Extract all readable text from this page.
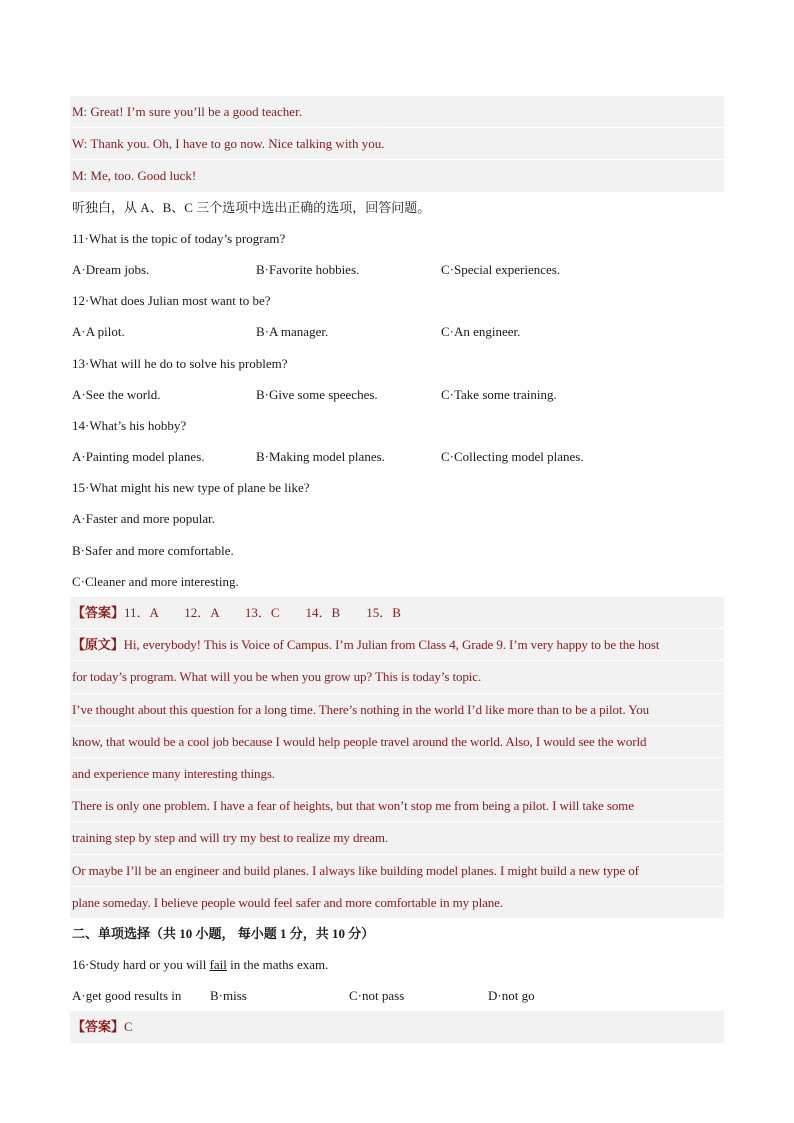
M: Great! I’m sure you’ll be a good teacher.
W: Thank you. Oh, I have to go now. Nice talking with you.
M: Me, too. Good luck!
听独白，从 A、B、C 三个选项中选出正确的选项，回答问题。
11·What is the topic of today’s program?
A·Dream jobs.	B·Favorite hobbies.	C·Special experiences.
12·What does Julian most want to be?
A·A pilot.	B·A manager.	C·An engineer.
13·What will he do to solve his problem?
A·See the world.	B·Give some speeches.	C·Take some training.
14·What’s his hobby?
A·Painting model planes.	B·Making model planes.	C·Collecting model planes.
15·What might his new type of plane be like?
A·Faster and more popular.
B·Safer and more comfortable.
C·Cleaner and more interesting.
【答案】11．A　　12．A　　13．C　　14．B　　15．B
【原文】Hi, everybody! This is Voice of Campus. I’m Julian from Class 4, Grade 9. I’m very happy to be the host
for today’s program. What will you be when you grow up? This is today’s topic.
I’ve thought about this question for a long time. There’s nothing in the world I’d like more than to be a pilot. You
know, that would be a cool job because I would help people travel around the world. Also, I would see the world
and experience many interesting things.
There is only one problem. I have a fear of heights, but that won’t stop me from being a pilot. I will take some
training step by step and will try my best to realize my dream.
Or maybe I’ll be an engineer and build planes. I always like building model planes. I might build a new type of
plane someday. I believe people would feel safer and more comfortable in my plane.
二、单项选择（共 10 小题， 每小题 1 分，共 10 分）
16·Study hard or you will fail in the maths exam.
A·get good results in	B·miss	C·not pass	D·not go
【答案】C
